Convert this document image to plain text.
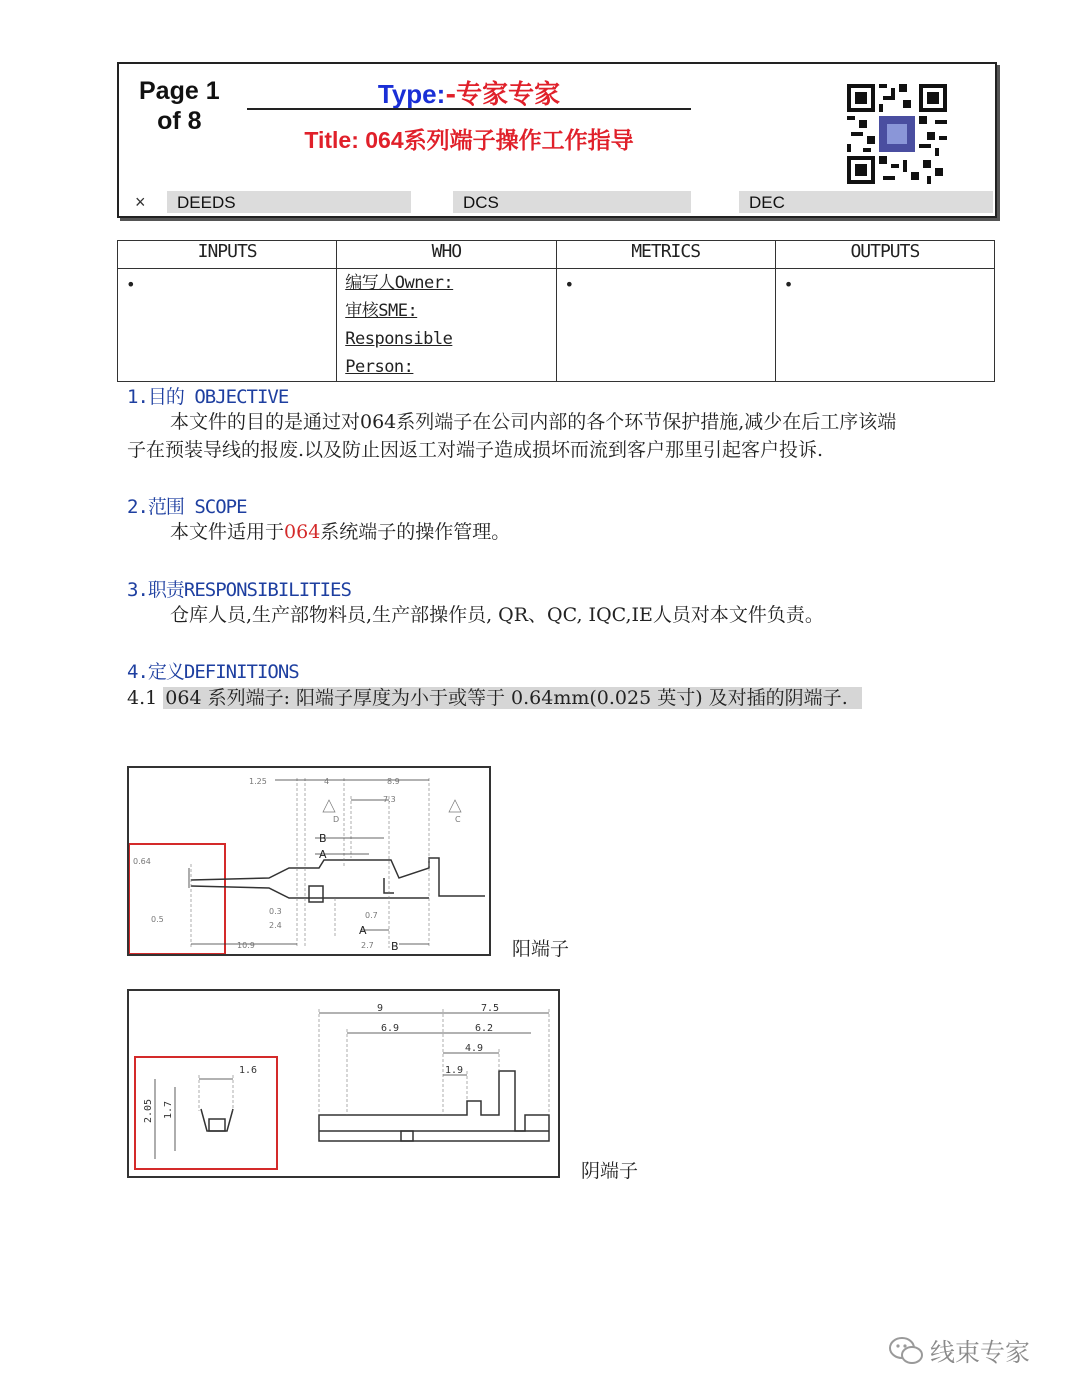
Page 1
of 8
Type:-专家专家
Title: 064系列端子操作工作指导
×	DEEDS	DCS	DEC
INPUTS	WHO	METRICS	OUTPUTS

•	编写人Owner:
审核SME:
Responsible
Person:	•	•
1.目的 OBJECTIVE
本文件的目的是通过对064系列端子在公司内部的各个环节保护措施,减少在后工序该端
子在预装导线的报废.以及防止因返工对端子造成损坏而流到客户那里引起客户投诉.
2.范围 SCOPE
本文件适用于064系统端子的操作管理。
3.职责RESPONSIBILITIES
仓库人员,生产部物料员,生产部操作员, QR、QC, IQC,IE人员对本文件负责。
4.定义DEFINITIONS
4.1 064 系列端子: 阳端子厚度为小于或等于 0.64mm(0.025 英寸) 及对插的阴端子.
1.25	4	8.9
7.3
0.64
0.5
0.3
2.4
0.7
2.7
10.9
B
A
A
B
D	C
阳端子
9	7.5
6.9	6.2
4.9
1.9
1.6
2.05 1.7
阴端子
线束专家
